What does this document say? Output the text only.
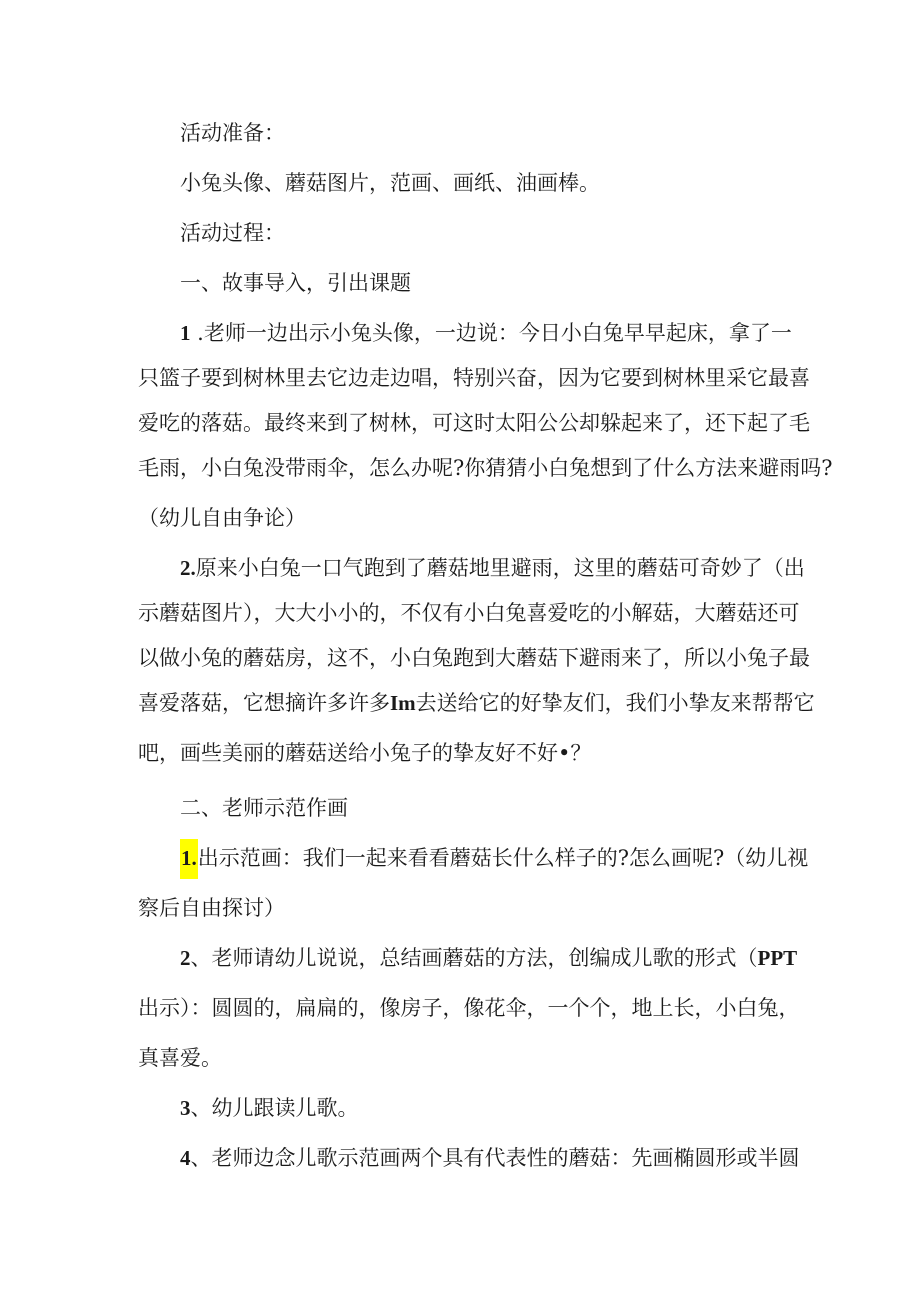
活动准备：
小兔头像、蘑菇图片，范画、画纸、油画棒。
活动过程：
一、故事导入，引出课题
1 .老师一边出示小兔头像，一边说：今日小白兔早早起床，拿了一
只篮子要到树林里去它边走边唱，特别兴奋，因为它要到树林里采它最喜
爱吃的落菇。最终来到了树林，可这时太阳公公却躲起来了，还下起了毛
毛雨，小白兔没带雨伞，怎么办呢?你猜猜小白兔想到了什么方法来避雨吗?
（幼儿自由争论）
2.原来小白兔一口气跑到了蘑菇地里避雨，这里的蘑菇可奇妙了（出
示蘑菇图片），大大小小的，不仅有小白兔喜爱吃的小解菇，大蘑菇还可
以做小兔的蘑菇房，这不，小白兔跑到大蘑菇下避雨来了，所以小兔子最
喜爱落菇，它想摘许多许多Im去送给它的好挚友们，我们小挚友来帮帮它
吧，画些美丽的蘑菇送给小兔子的挚友好不好•？
二、老师示范作画
1.出示范画：我们一起来看看蘑菇长什么样子的?怎么画呢?（幼儿视
察后自由探讨）
2、老师请幼儿说说，总结画蘑菇的方法，创编成儿歌的形式（PPT
出示）：圆圆的，扁扁的，像房子，像花伞，一个个，地上长，小白兔，
真喜爱。
3、幼儿跟读儿歌。
4、老师边念儿歌示范画两个具有代表性的蘑菇：先画椭圆形或半圆
